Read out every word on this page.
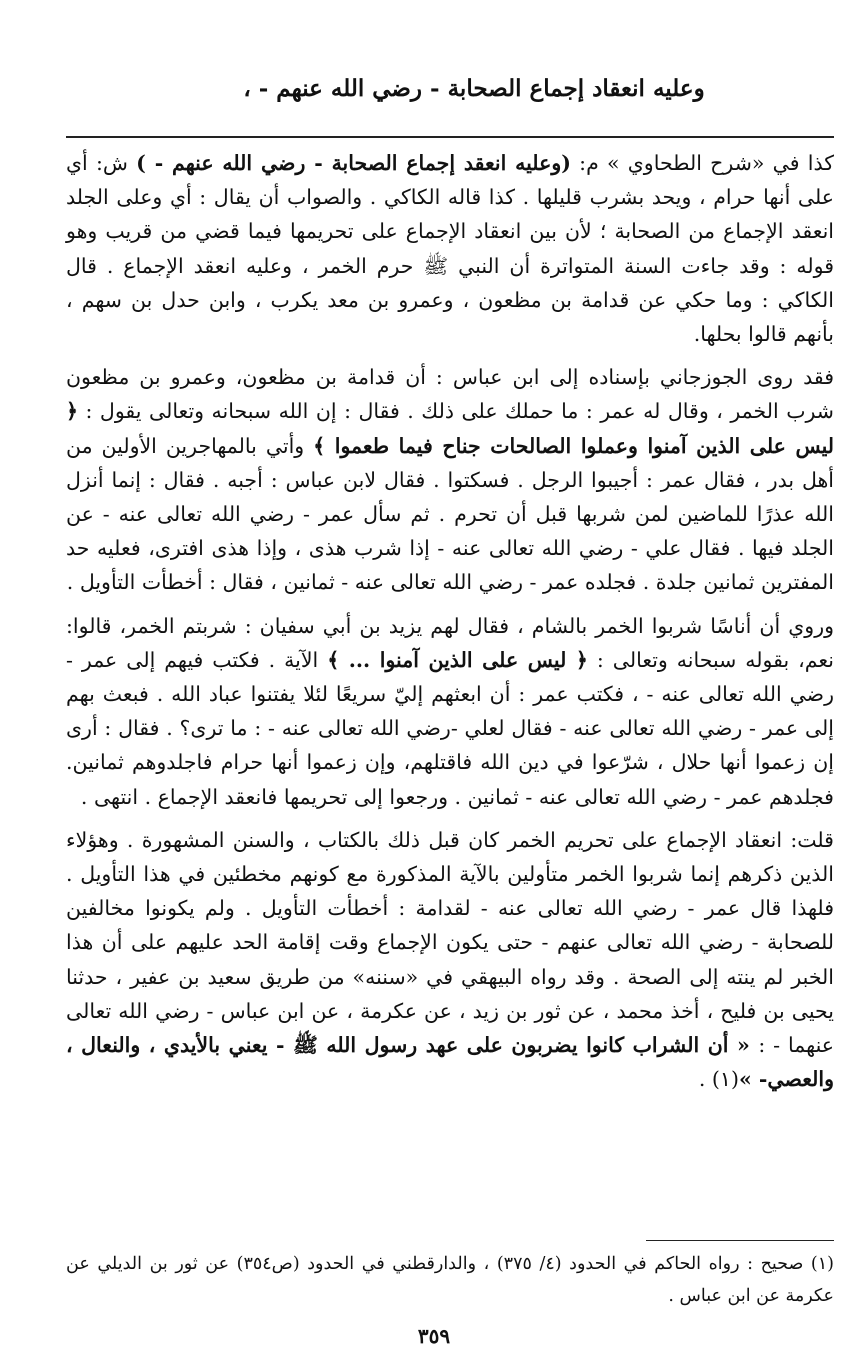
وعليه انعقاد إجماع الصحابة - رضي الله عنهم - ،

كذا في «شرح الطحاوي » م: (وعليه انعقد إجماع الصحابة - رضي الله عنهم - ) ش: أي على أنها حرام ، ويحد بشرب قليلها . كذا قاله الكاكي . والصواب أن يقال : أي وعلى الجلد انعقد الإجماع من الصحابة ؛ لأن بين انعقاد الإجماع على تحريمها فيما قضي من قريب وهو قوله : وقد جاءت السنة المتواترة أن النبي ﷺ حرم الخمر ، وعليه انعقد الإجماع . قال الكاكي : وما حكي عن قدامة بن مظعون ، وعمرو بن معد يكرب ، وابن حدل بن سهم ، بأنهم قالوا بحلها.

فقد روى الجوزجاني بإسناده إلى ابن عباس : أن قدامة بن مظعون، وعمرو بن مظعون شرب الخمر ، وقال له عمر : ما حملك على ذلك . فقال : إن الله سبحانه وتعالى يقول : ﴿ ليس على الذين آمنوا وعملوا الصالحات جناح فيما طعموا ﴾ وأتي بالمهاجرين الأولين من أهل بدر ، فقال عمر : أجيبوا الرجل . فسكتوا . فقال لابن عباس : أجبه . فقال : إنما أنزل الله عذرًا للماضين لمن شربها قبل أن تحرم . ثم سأل عمر - رضي الله تعالى عنه - عن الجلد فيها . فقال علي - رضي الله تعالى عنه - إذا شرب هذى ، وإذا هذى افترى، فعليه حد المفترين ثمانين جلدة . فجلده عمر - رضي الله تعالى عنه - ثمانين ، فقال : أخطأت التأويل .

وروي أن أناسًا شربوا الخمر بالشام ، فقال لهم يزيد بن أبي سفيان : شربتم الخمر، قالوا: نعم، بقوله سبحانه وتعالى : ﴿ ليس على الذين آمنوا ... ﴾ الآية . فكتب فيهم إلى عمر - رضي الله تعالى عنه - ، فكتب عمر : أن ابعثهم إليّ سريعًا لئلا يفتنوا عباد الله . فبعث بهم إلى عمر - رضي الله تعالى عنه - فقال لعلي -رضي الله تعالى عنه - : ما ترى؟ . فقال : أرى إن زعموا أنها حلال ، شرّعوا في دين الله فاقتلهم، وإن زعموا أنها حرام فاجلدوهم ثمانين. فجلدهم عمر - رضي الله تعالى عنه - ثمانين . ورجعوا إلى تحريمها فانعقد الإجماع . انتهى .

قلت: انعقاد الإجماع على تحريم الخمر كان قبل ذلك بالكتاب ، والسنن المشهورة . وهؤلاء الذين ذكرهم إنما شربوا الخمر متأولين بالآية المذكورة مع كونهم مخطئين في هذا التأويل . فلهذا قال عمر - رضي الله تعالى عنه - لقدامة : أخطأت التأويل . ولم يكونوا مخالفين للصحابة - رضي الله تعالى عنهم - حتى يكون الإجماع وقت إقامة الحد عليهم على أن هذا الخبر لم ينته إلى الصحة . وقد رواه البيهقي في «سننه» من طريق سعيد بن عفير ، حدثنا يحيى بن فليح ، أخذ محمد ، عن ثور بن زيد ، عن عكرمة ، عن ابن عباس - رضي الله تعالى عنهما - : « أن الشراب كانوا يضربون على عهد رسول الله ﷺ - يعني بالأيدي ، والنعال ، والعصي- »(١) .

(١) صحيح : رواه الحاكم في الحدود (٤/ ٣٧٥) ، والدارقطني في الحدود (ص٣٥٤) عن ثور بن الديلي عن عكرمة عن ابن عباس .

٣٥٩
